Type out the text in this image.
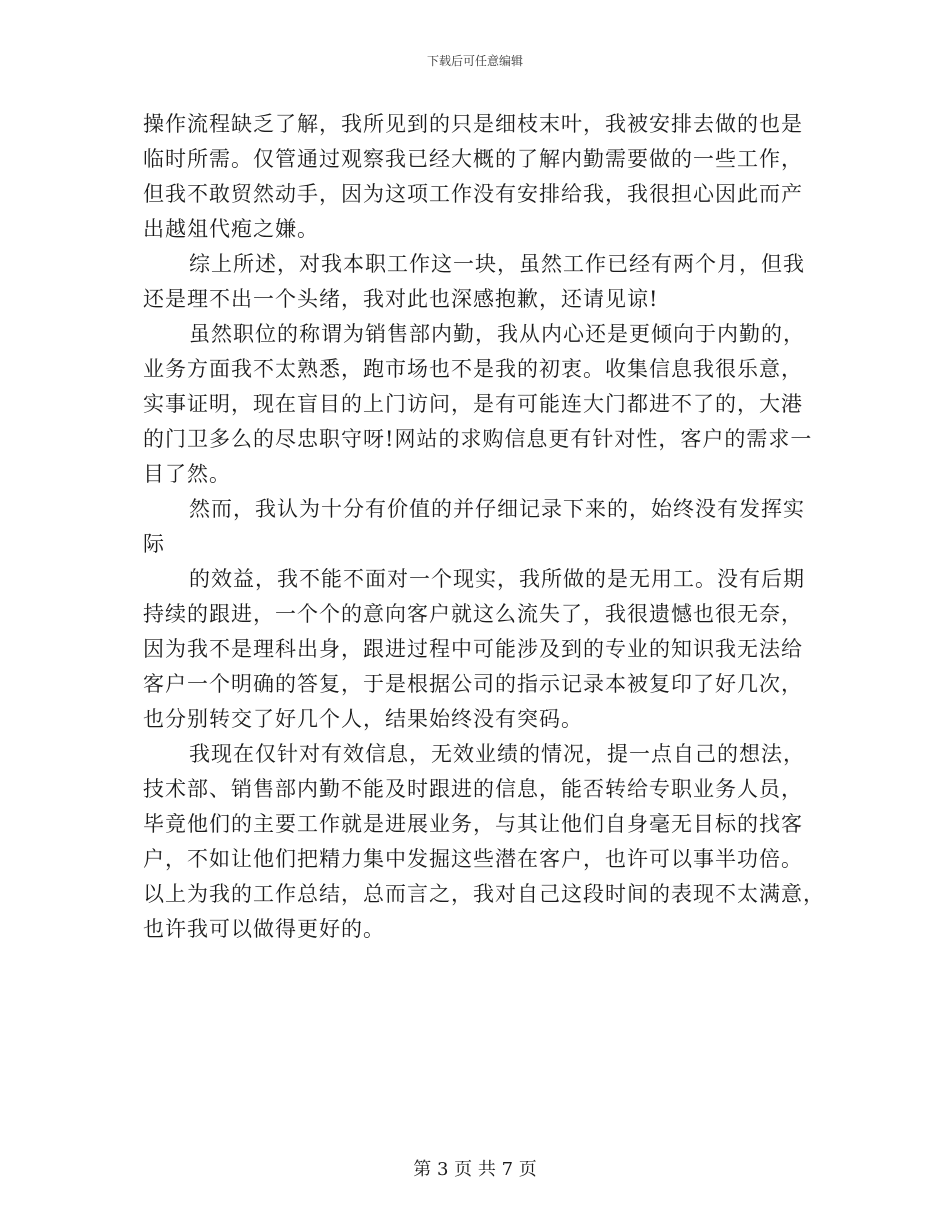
下载后可任意编辑
操作流程缺乏了解，我所见到的只是细枝末叶，我被安排去做的也是
临时所需。仅管通过观察我已经大概的了解内勤需要做的一些工作，
但我不敢贸然动手，因为这项工作没有安排给我，我很担心因此而产
出越俎代疱之嫌。
综上所述，对我本职工作这一块，虽然工作已经有两个月，但我
还是理不出一个头绪，我对此也深感抱歉，还请见谅!
虽然职位的称谓为销售部内勤，我从内心还是更倾向于内勤的，
业务方面我不太熟悉，跑市场也不是我的初衷。收集信息我很乐意，
实事证明，现在盲目的上门访问，是有可能连大门都进不了的，大港
的门卫多么的尽忠职守呀!网站的求购信息更有针对性，客户的需求一
目了然。
然而，我认为十分有价值的并仔细记录下来的，始终没有发挥实
际
的效益，我不能不面对一个现实，我所做的是无用工。没有后期
持续的跟进，一个个的意向客户就这么流失了，我很遗憾也很无奈，
因为我不是理科出身，跟进过程中可能涉及到的专业的知识我无法给
客户一个明确的答复，于是根据公司的指示记录本被复印了好几次，
也分别转交了好几个人，结果始终没有突码。
我现在仅针对有效信息，无效业绩的情况，提一点自己的想法，
技术部、销售部内勤不能及时跟进的信息，能否转给专职业务人员，
毕竟他们的主要工作就是进展业务，与其让他们自身毫无目标的找客
户，不如让他们把精力集中发掘这些潜在客户，也许可以事半功倍。
以上为我的工作总结，总而言之，我对自己这段时间的表现不太满意，
也许我可以做得更好的。
第 3 页 共 7 页
